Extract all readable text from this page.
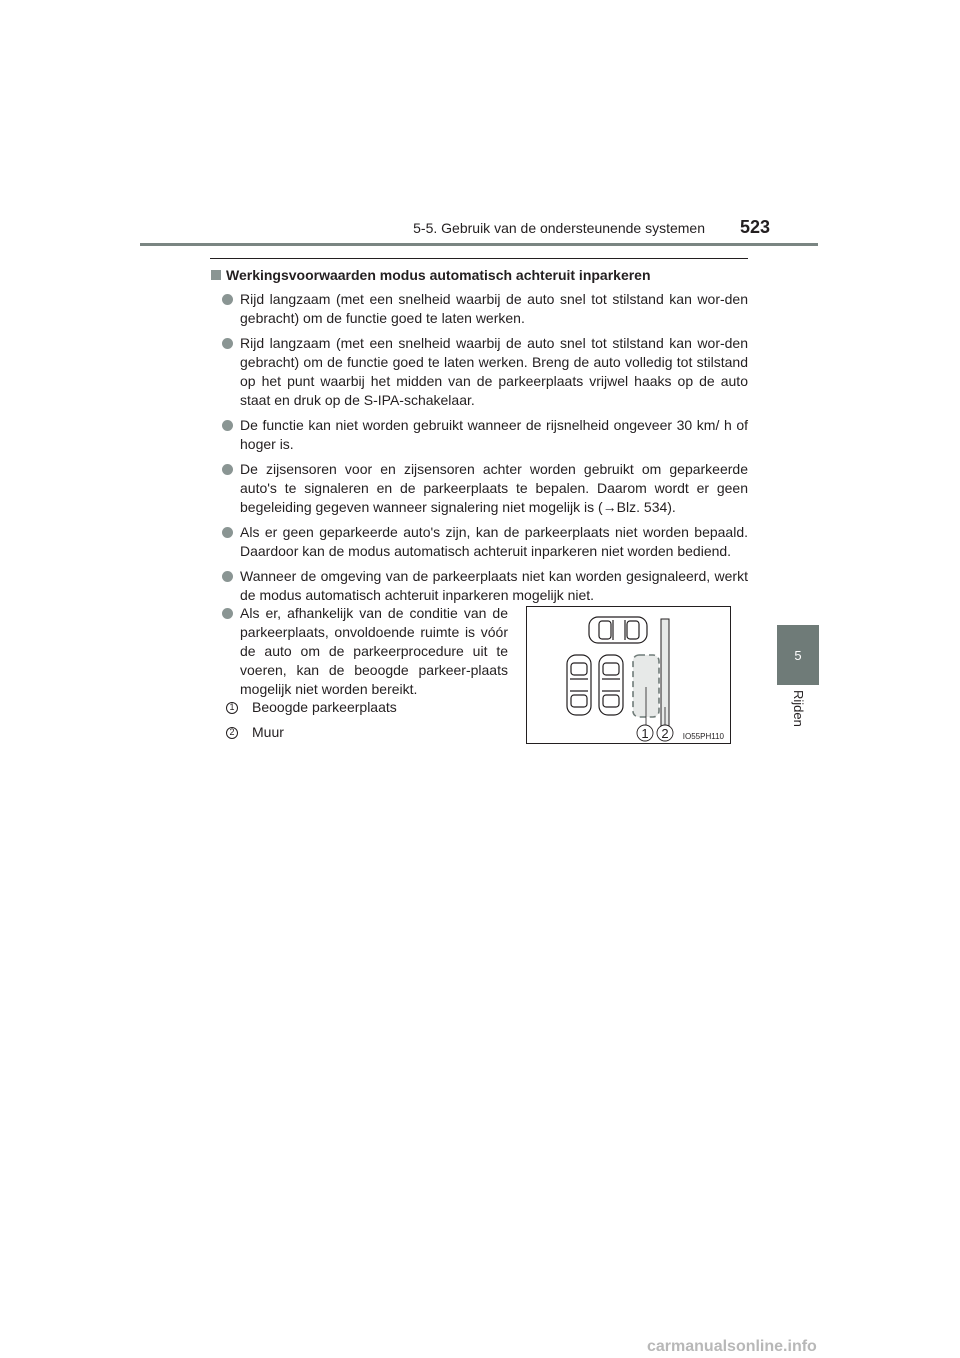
5-5. Gebruik van de ondersteunende systemen 523
5
Rijden
Werkingsvoorwaarden modus automatisch achteruit inparkeren
Rijd langzaam (met een snelheid waarbij de auto snel tot stilstand kan wor-den gebracht) om de functie goed te laten werken.
Rijd langzaam (met een snelheid waarbij de auto snel tot stilstand kan wor-den gebracht) om de functie goed te laten werken. Breng de auto volledig tot stilstand op het punt waarbij het midden van de parkeerplaats vrijwel haaks op de auto staat en druk op de S-IPA-schakelaar.
De functie kan niet worden gebruikt wanneer de rijsnelheid ongeveer 30 km/ h of hoger is.
De zijsensoren voor en zijsensoren achter worden gebruikt om geparkeerde auto's te signaleren en de parkeerplaats te bepalen. Daarom wordt er geen begeleiding gegeven wanneer signalering niet mogelijk is (→Blz. 534).
Als er geen geparkeerde auto's zijn, kan de parkeerplaats niet worden bepaald. Daardoor kan de modus automatisch achteruit inparkeren niet worden bediend.
Wanneer de omgeving van de parkeerplaats niet kan worden gesignaleerd, werkt de modus automatisch achteruit inparkeren mogelijk niet.
Als er, afhankelijk van de conditie van de parkeerplaats, onvoldoende ruimte is vóór de auto om de parkeerprocedure uit te voeren, kan de beoogde parkeer-plaats mogelijk niet worden bereikt.
1 Beoogde parkeerplaats
2 Muur	1 2 IO55PH110
carmanualsonline.info
